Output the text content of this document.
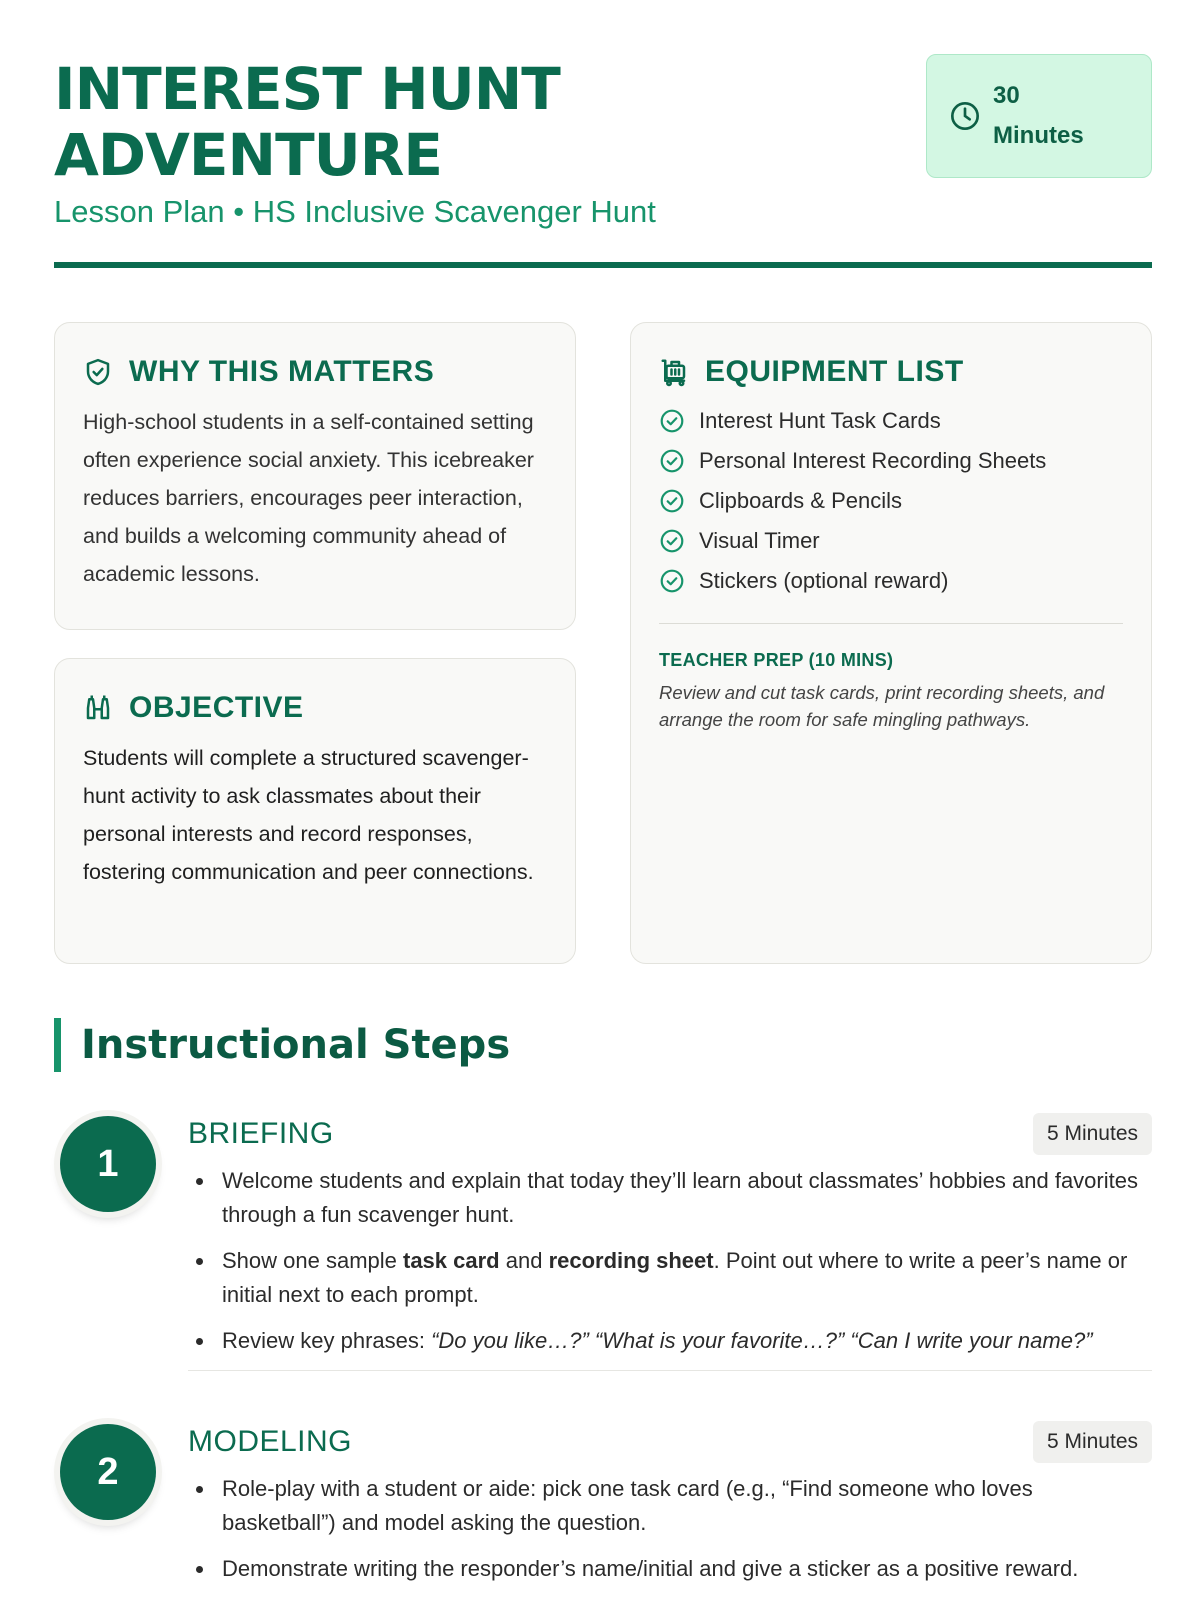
INTEREST HUNT
ADVENTURE
Lesson Plan • HS Inclusive Scavenger Hunt
30
Minutes
WHY THIS MATTERS
High-school students in a self-contained setting often experience social anxiety. This icebreaker reduces barriers, encourages peer interaction, and builds a welcoming community ahead of academic lessons.
OBJECTIVE
Students will complete a structured scavenger-hunt activity to ask classmates about their personal interests and record responses, fostering communication and peer connections.
EQUIPMENT LIST
Interest Hunt Task Cards
Personal Interest Recording Sheets
Clipboards & Pencils
Visual Timer
Stickers (optional reward)
TEACHER PREP (10 MINS)
Review and cut task cards, print recording sheets, and arrange the room for safe mingling pathways.
Instructional Steps
1
BRIEFING	5 Minutes
Welcome students and explain that today they’ll learn about classmates’ hobbies and favorites through a fun scavenger hunt.
Show one sample task card and recording sheet. Point out where to write a peer’s name or initial next to each prompt.
Review key phrases: “Do you like…?” “What is your favorite…?” “Can I write your name?”
2
MODELING	5 Minutes
Role-play with a student or aide: pick one task card (e.g., “Find someone who loves basketball”) and model asking the question.
Demonstrate writing the responder’s name/initial and give a sticker as a positive reward.
